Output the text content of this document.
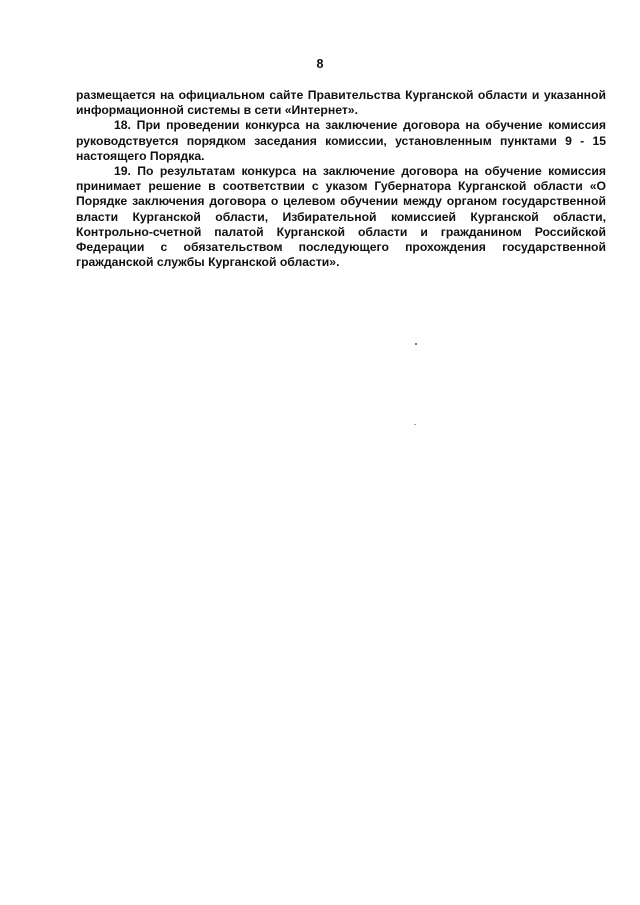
8

размещается на официальном сайте Правительства Курганской области и указанной информационной системы в сети «Интернет».

18. При проведении конкурса на заключение договора на обучение комиссия руководствуется порядком заседания комиссии, установленным пунктами 9 - 15 настоящего Порядка.

19. По результатам конкурса на заключение договора на обучение комиссия принимает решение в соответствии с указом Губернатора Курганской области «О Порядке заключения договора о целевом обучении между органом государственной власти Курганской области, Избирательной комиссией Курганской области, Контрольно-счетной палатой Курганской области и гражданином Российской Федерации с обязательством последующего прохождения государственной гражданской службы Курганской области».
